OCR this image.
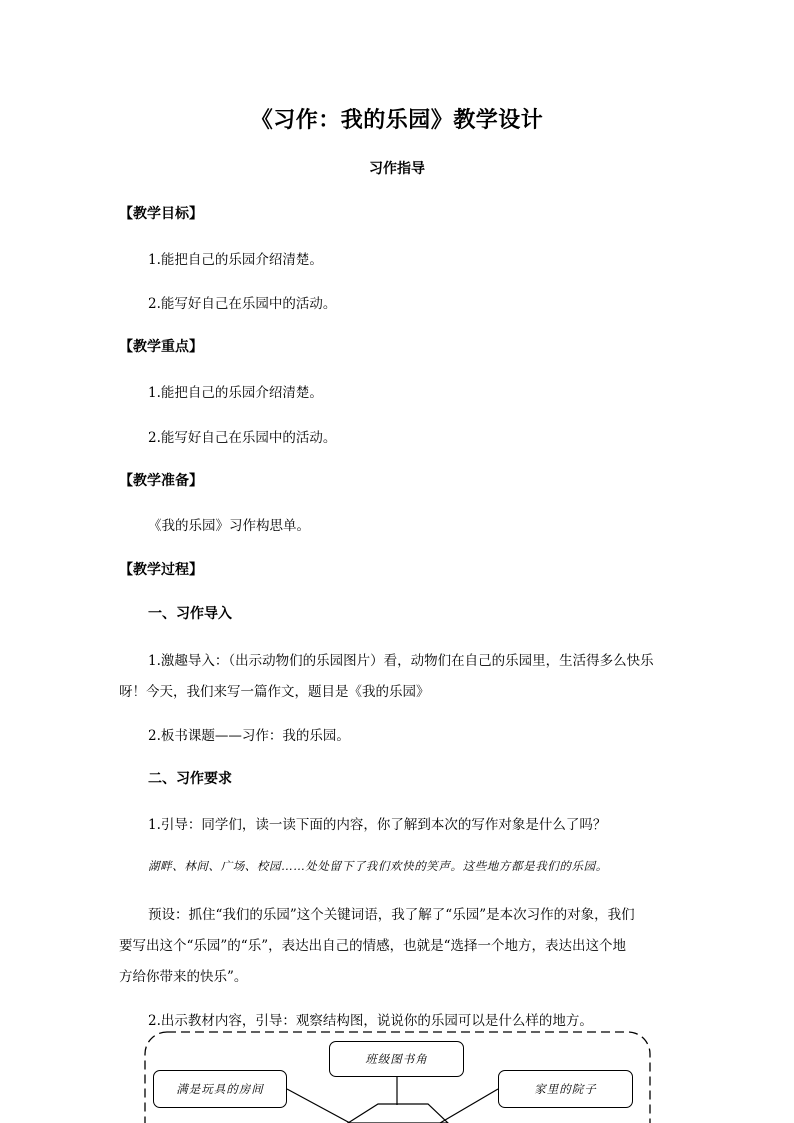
《习作：我的乐园》教学设计
习作指导
【教学目标】
1.能把自己的乐园介绍清楚。
2.能写好自己在乐园中的活动。
【教学重点】
1.能把自己的乐园介绍清楚。
2.能写好自己在乐园中的活动。
【教学准备】
《我的乐园》习作构思单。
【教学过程】
一、习作导入
1.激趣导入：（出示动物们的乐园图片）看，动物们在自己的乐园里，生活得多么快乐
呀！今天，我们来写一篇作文，题目是《我的乐园》
2.板书课题——习作：我的乐园。
二、习作要求
1.引导：同学们，读一读下面的内容，你了解到本次的写作对象是什么了吗？
湖畔、林间、广场、校园……处处留下了我们欢快的笑声。这些地方都是我们的乐园。
预设：抓住“我们的乐园”这个关键词语，我了解了“乐园”是本次习作的对象，我们
要写出这个“乐园”的“乐”，表达出自己的情感，也就是“选择一个地方，表达出这个地
方给你带来的快乐”。
2.出示教材内容，引导：观察结构图，说说你的乐园可以是什么样的地方。
班级图书角
满是玩具的房间	家里的院子
